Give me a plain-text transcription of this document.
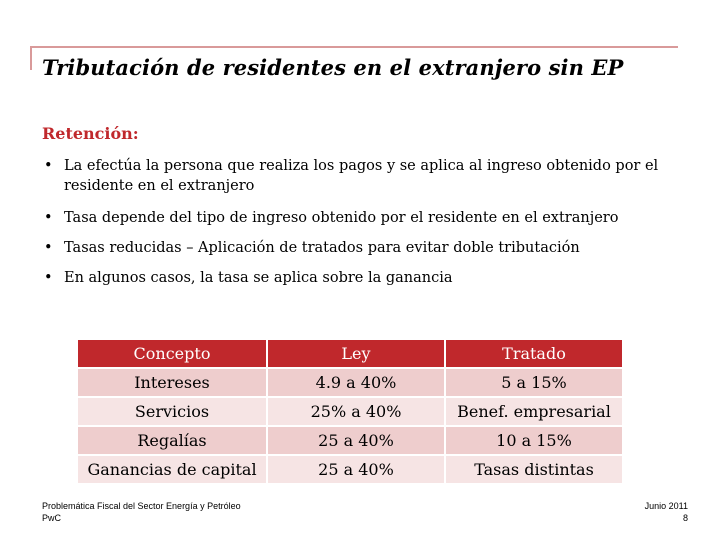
Tributación de residentes en el extranjero sin EP
Retención:
• La efectúa la persona que realiza los pagos y se aplica al ingreso obtenido por el residente en el extranjero
• Tasa depende del tipo de ingreso obtenido por el residente en el extranjero
• Tasas reducidas – Aplicación de tratados para evitar doble tributación
• En algunos casos, la tasa se aplica sobre la ganancia
Concepto	Ley	Tratado
Intereses	4.9 a 40%	5 a 15%
Servicios	25% a 40%	Benef. empresarial
Regalías	25 a 40%	10 a 15%
Ganancias de capital	25 a 40%	Tasas distintas
Problemática Fiscal del Sector Energía y Petróleo
PwC
Junio 2011
8
